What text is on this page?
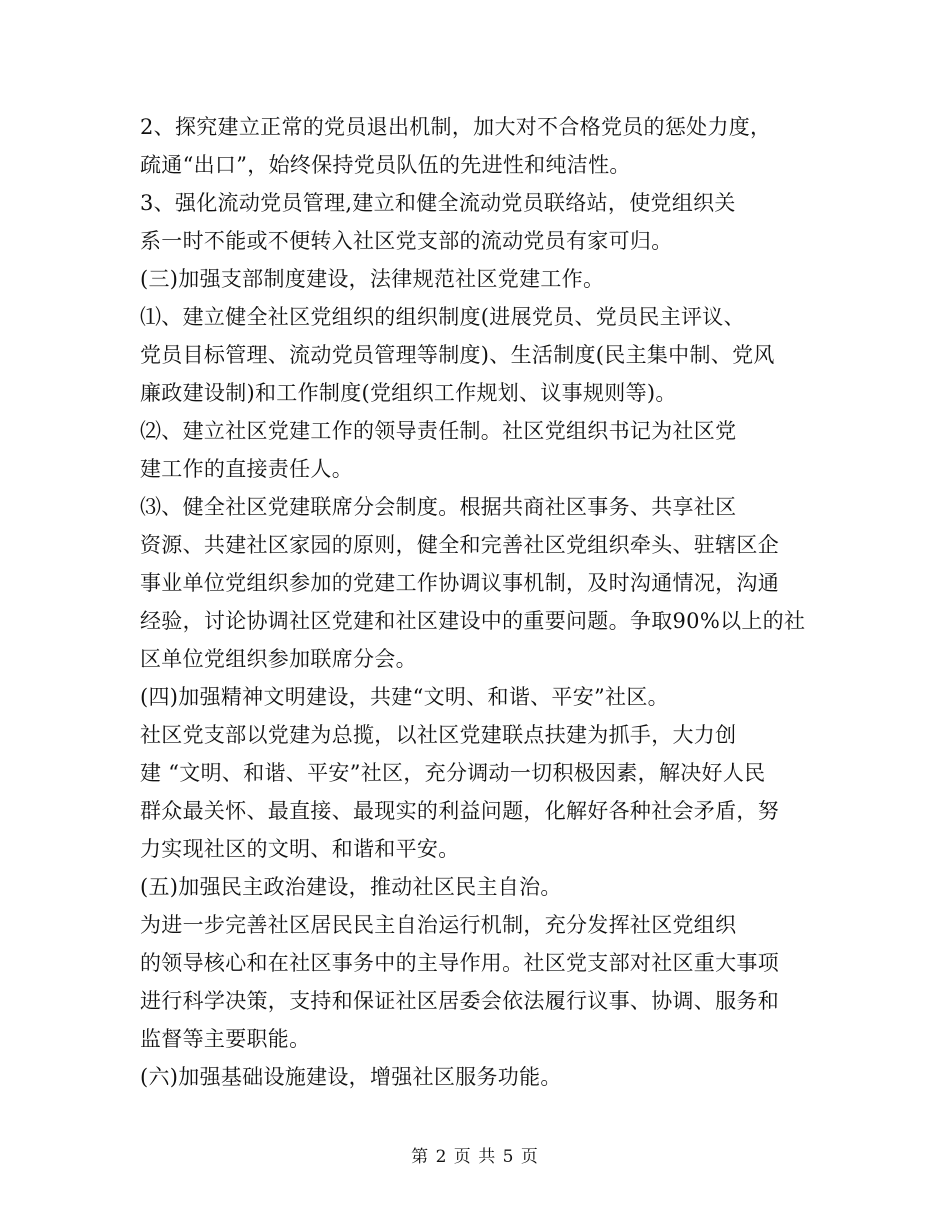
2、探究建立正常的党员退出机制，加大对不合格党员的惩处力度，
疏通“出口”，始终保持党员队伍的先进性和纯洁性。
3、强化流动党员管理,建立和健全流动党员联络站，使党组织关
系一时不能或不便转入社区党支部的流动党员有家可归。
(三)加强支部制度建设，法律规范社区党建工作。
⑴、建立健全社区党组织的组织制度(进展党员、党员民主评议、
党员目标管理、流动党员管理等制度)、生活制度(民主集中制、党风
廉政建设制)和工作制度(党组织工作规划、议事规则等)。
⑵、建立社区党建工作的领导责任制。社区党组织书记为社区党
建工作的直接责任人。
⑶、健全社区党建联席分会制度。根据共商社区事务、共享社区
资源、共建社区家园的原则，健全和完善社区党组织牵头、驻辖区企
事业单位党组织参加的党建工作协调议事机制，及时沟通情况，沟通
经验，讨论协调社区党建和社区建设中的重要问题。争取90%以上的社
区单位党组织参加联席分会。
(四)加强精神文明建设，共建“文明、和谐、平安”社区。
社区党支部以党建为总揽，以社区党建联点扶建为抓手，大力创
建 “文明、和谐、平安”社区，充分调动一切积极因素，解决好人民
群众最关怀、最直接、最现实的利益问题，化解好各种社会矛盾，努
力实现社区的文明、和谐和平安。
(五)加强民主政治建设，推动社区民主自治。
为进一步完善社区居民民主自治运行机制，充分发挥社区党组织
的领导核心和在社区事务中的主导作用。社区党支部对社区重大事项
进行科学决策，支持和保证社区居委会依法履行议事、协调、服务和
监督等主要职能。
(六)加强基础设施建设，增强社区服务功能。
第 2 页 共 5 页
